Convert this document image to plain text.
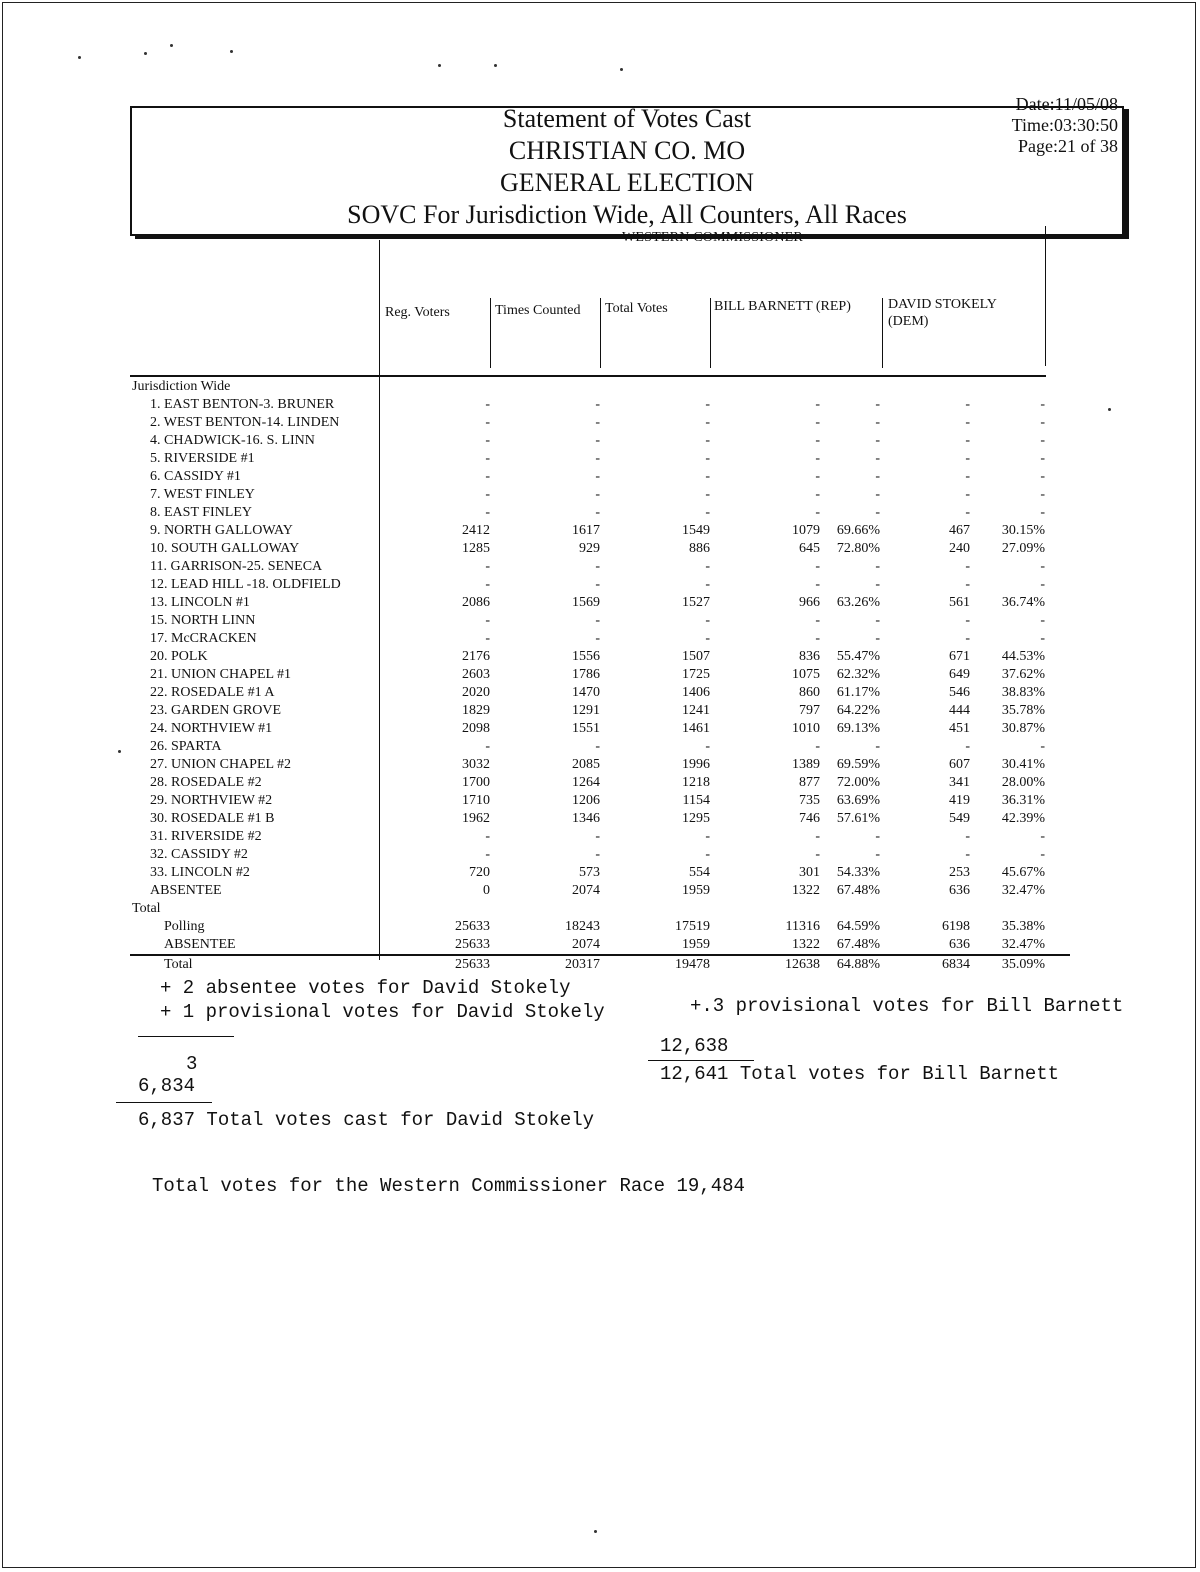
Statement of Votes Cast
CHRISTIAN CO. MO
GENERAL ELECTION
SOVC For Jurisdiction Wide, All Counters, All Races
Date:11/05/08
Time:03:30:50
Page:21 of 38
WESTERN COMMISSIONER
Reg. Voters	Times Counted Total Votes	BILL BARNETT (REP)	DAVID STOKELY
(DEM)
Jurisdiction Wide
1. EAST BENTON-3. BRUNER	-	-	-	-	-	-	-
2. WEST BENTON-14. LINDEN	-	-	-	-	-	-	-
4. CHADWICK-16. S. LINN	-	-	-	-	-	-	-
5. RIVERSIDE #1	-	-	-	-	-	-	-
6. CASSIDY #1	-	-	-	-	-	-	-
7. WEST FINLEY	-	-	-	-	-	-	-
8. EAST FINLEY	-	-	-	-	-	-	-
9. NORTH GALLOWAY	2412	1617	1549	1079 69.66%	467 30.15%
10. SOUTH GALLOWAY	1285	929	886	645 72.80%	240 27.09%
11. GARRISON-25. SENECA	-	-	-	-	-	-	-
12. LEAD HILL -18. OLDFIELD	-	-	-	-	-	-	-
13. LINCOLN #1	2086	1569	1527	966 63.26%	561 36.74%
15. NORTH LINN	-	-	-	-	-	-	-
17. McCRACKEN	-	-	-	-	-	-	-
20. POLK	2176	1556	1507	836 55.47%	671 44.53%
21. UNION CHAPEL #1	2603	1786	1725	1075 62.32%	649 37.62%
22. ROSEDALE #1 A	2020	1470	1406	860 61.17%	546 38.83%
23. GARDEN GROVE	1829	1291	1241	797 64.22%	444 35.78%
24. NORTHVIEW #1	2098	1551	1461	1010 69.13%	451 30.87%
26. SPARTA	-	-	-	-	-	-	-
27. UNION CHAPEL #2	3032	2085	1996	1389 69.59%	607 30.41%
28. ROSEDALE #2	1700	1264	1218	877 72.00%	341 28.00%
29. NORTHVIEW #2	1710	1206	1154	735 63.69%	419 36.31%
30. ROSEDALE #1 B	1962	1346	1295	746 57.61%	549 42.39%
31. RIVERSIDE #2	-	-	-	-	-	-	-
32. CASSIDY #2	-	-	-	-	-	-	-
33. LINCOLN #2	720	573	554	301 54.33%	253 45.67%
ABSENTEE	0	2074	1959	1322 67.48%	636 32.47%
Total
Polling	25633	18243	17519	11316 64.59%	6198 35.38%
ABSENTEE	25633	2074	1959	1322 67.48%	636 32.47%
Total	25633	20317	19478	12638 64.88%	6834 35.09%
+ 2 absentee votes for David Stokely
+ 1 provisional votes for David Stokely	+.3 provisional votes for Bill Barnett
3
6,834
6,837 Total votes cast for David Stokely
12,638
12,641 Total votes for Bill Barnett
Total votes for the Western Commissioner Race 19,484
